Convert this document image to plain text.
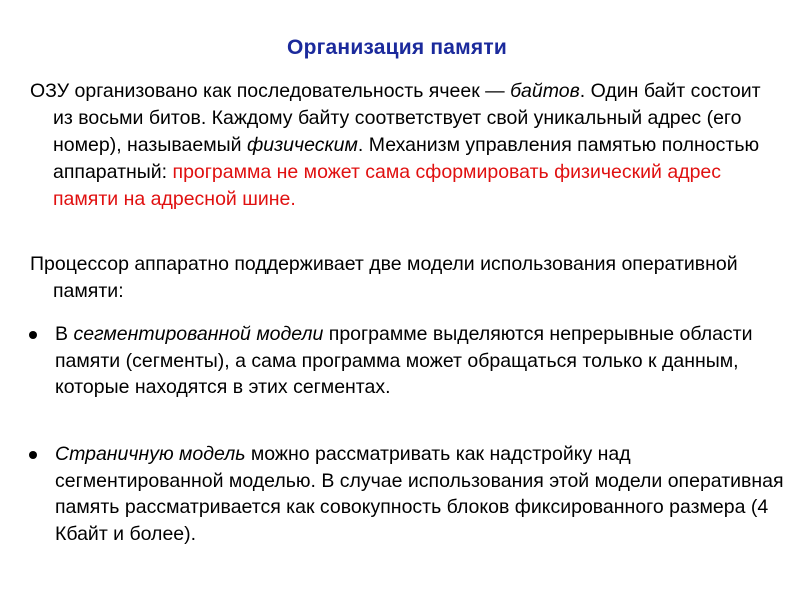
Организация памяти
ОЗУ организовано как последовательность ячеек — байтов. Один байт состоит из восьми битов. Каждому байту соответствует свой уникальный адрес (его номер), называемый физическим. Механизм управления памятью полностью аппаратный: программа не может сама сформировать физический адрес памяти на адресной шине.
Процессор аппаратно поддерживает две модели использования оперативной памяти:
В сегментированной модели программе выделяются непрерывные области памяти (сегменты), а сама программа может обращаться только к данным, которые находятся в этих сегментах.
Страничную модель можно рассматривать как надстройку над сегментированной моделью. В случае использования этой модели оперативная память рассматривается как совокупность блоков фиксированного размера (4 Кбайт и более).
